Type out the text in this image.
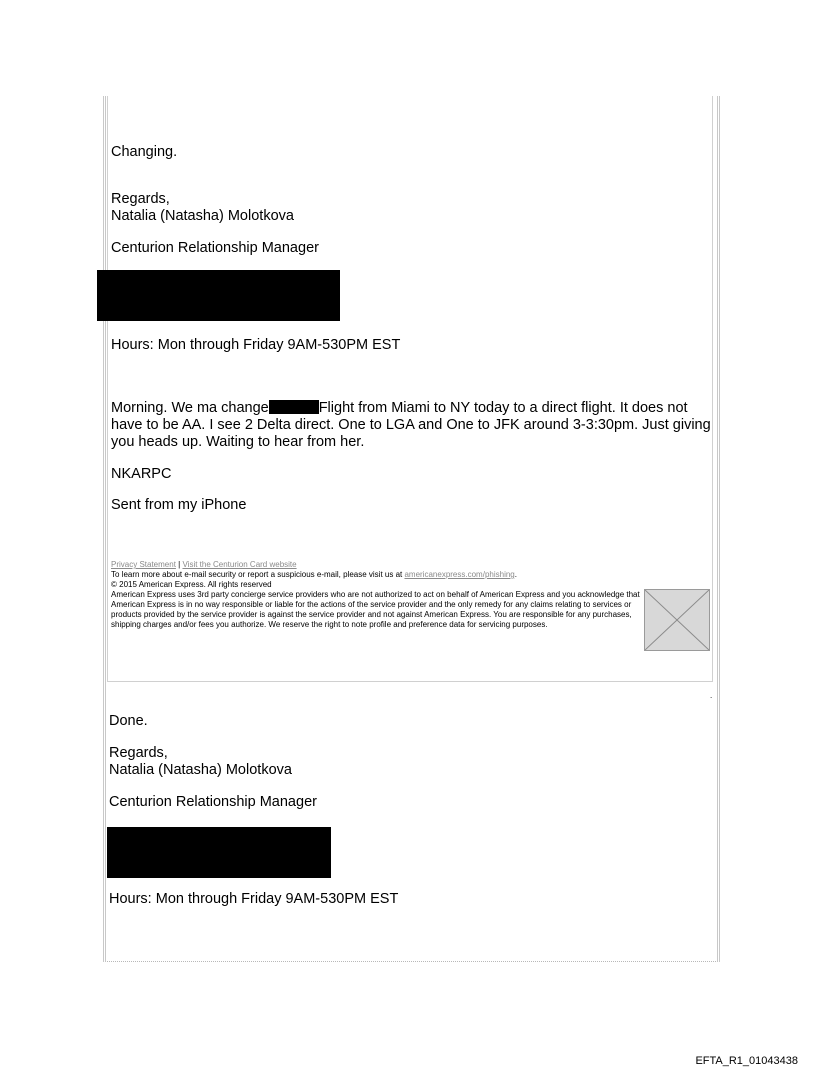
Changing.
Regards,
Natalia (Natasha) Molotkova
Centurion Relationship Manager
Hours: Mon through Friday 9AM-530PM EST
Morning. We ma change	Flight from Miami to NY today to a direct flight. It does not have to be AA. I see 2 Delta direct. One to LGA and One to JFK around 3-3:30pm. Just giving you heads up. Waiting to hear from her.
NKARPC
Sent from my iPhone
Privacy Statement | Visit the Centurion Card website
To learn more about e-mail security or report a suspicious e-mail, please visit us at americanexpress.com/phishing.
© 2015 American Express. All rights reserved
American Express uses 3rd party concierge service providers who are not authorized to act on behalf of American Express and you acknowledge that American Express is in no way responsible or liable for the actions of the service provider and the only remedy for any claims relating to services or products provided by the service provider is against the service provider and not against American Express. You are responsible for any purchases, shipping charges and/or fees you authorize. We reserve the right to note profile and preference data for servicing purposes.
.
Done.
Regards,
Natalia (Natasha) Molotkova
Centurion Relationship Manager
Hours: Mon through Friday 9AM-530PM EST
EFTA_R1_01043438
